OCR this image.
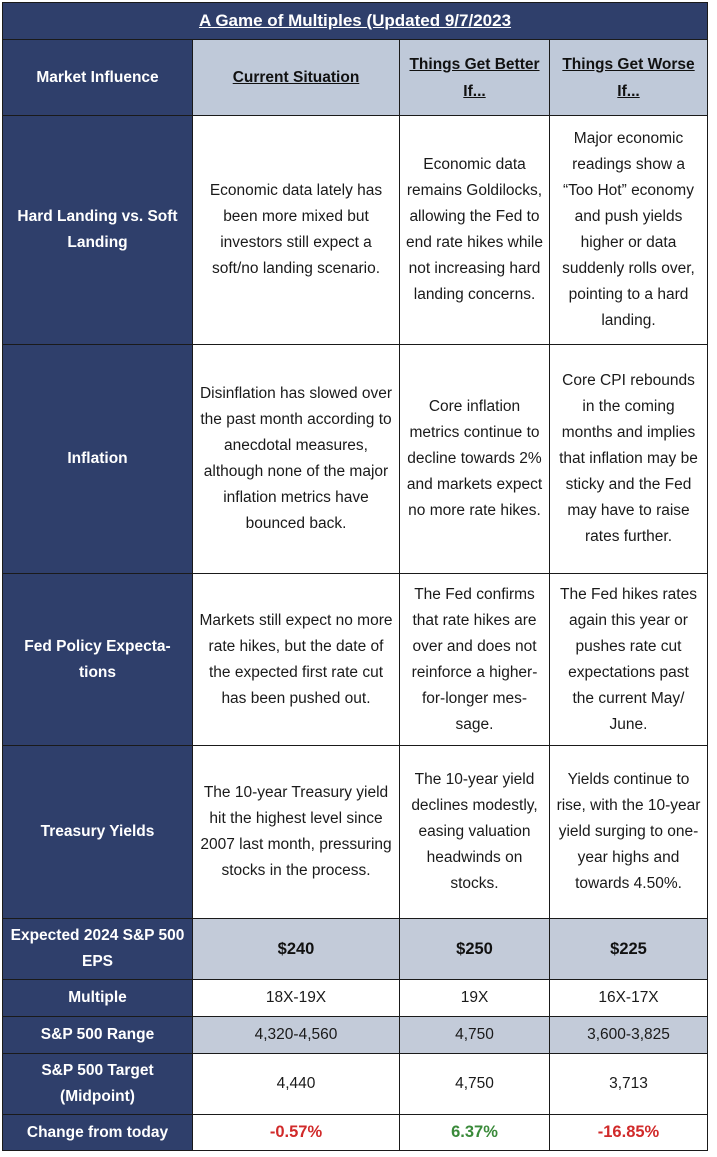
A Game of Multiples (Updated 9/7/2023			
Market Influence	Current Situation	Things Get Better If...	Things Get Worse If...
Hard Landing vs. Soft Landing	Economic data lately has been more mixed but investors still expect a soft/no landing scenario.	Economic data remains Goldilocks, allowing the Fed to end rate hikes while not increasing hard landing concerns.	Major economic readings show a “Too Hot” economy and push yields higher or data suddenly rolls over, pointing to a hard landing.
Inflation	Disinflation has slowed over the past month according to anecdotal measures, although none of the major inflation metrics have bounced back.	Core inflation metrics continue to decline towards 2% and markets expect no more rate hikes.	Core CPI rebounds in the coming months and implies that inflation may be sticky and the Fed may have to raise rates further.
Fed Policy Expectations	Markets still expect no more rate hikes, but the date of the expected first rate cut has been pushed out.	The Fed confirms that rate hikes are over and does not reinforce a higher-for-longer message.	The Fed hikes rates again this year or pushes rate cut expectations past the current May/ June.
Treasury Yields	The 10-year Treasury yield hit the highest level since 2007 last month, pressuring stocks in the process.	The 10-year yield declines modestly, easing valuation headwinds on stocks.	Yields continue to rise, with the 10-year yield surging to one-year highs and towards 4.50%.
Expected 2024 S&P 500 EPS	$240	$250	$225
Multiple	18X-19X	19X	16X-17X
S&P 500 Range	4,320-4,560	4,750	3,600-3,825
S&P 500 Target (Midpoint)	4,440	4,750	3,713
Change from today	-0.57%	6.37%	-16.85%
